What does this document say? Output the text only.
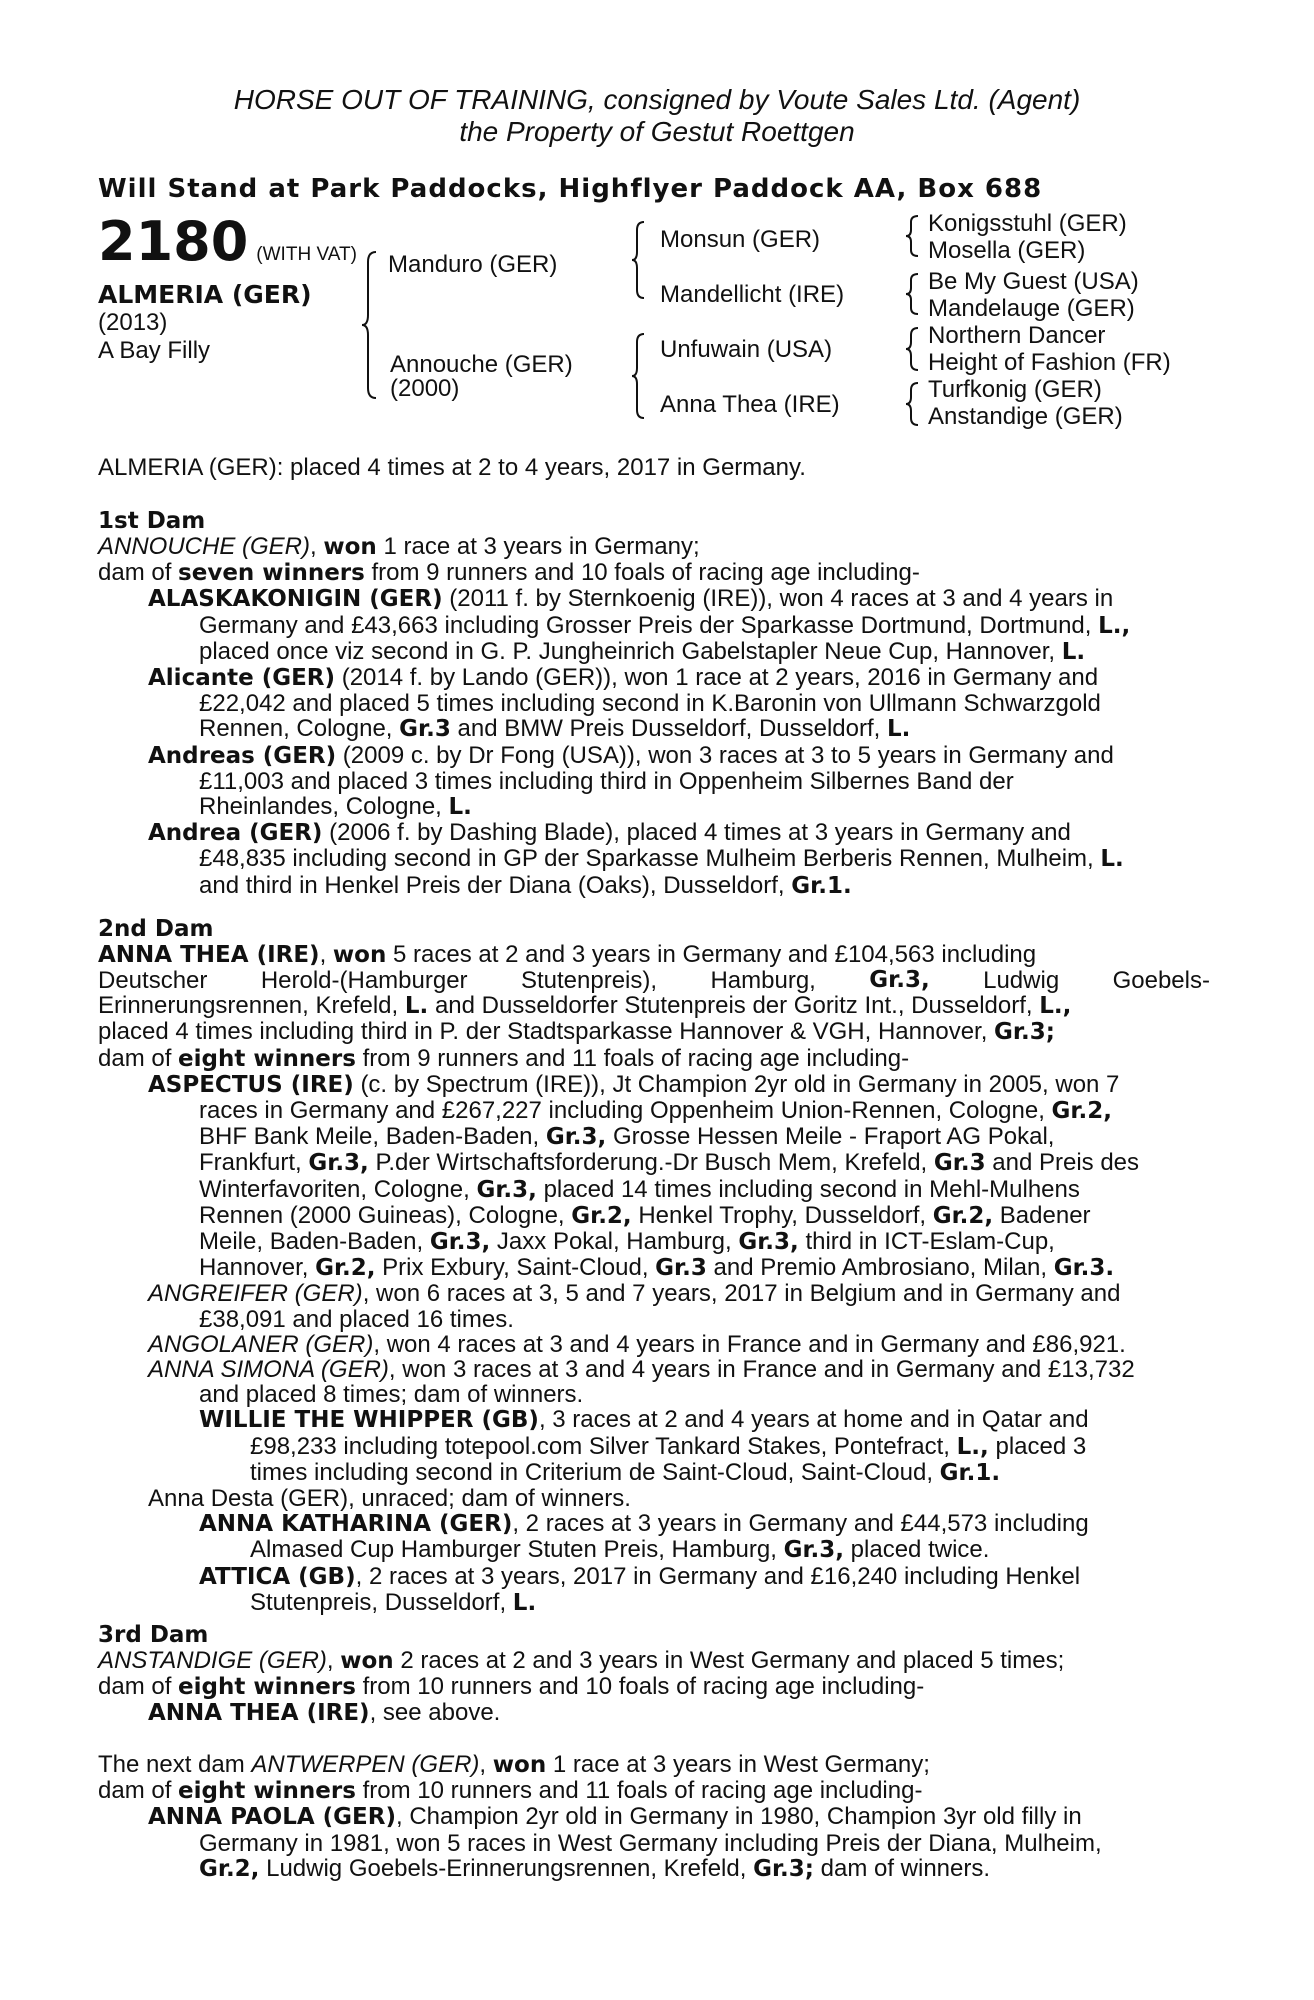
HORSE OUT OF TRAINING, consigned by Voute Sales Ltd. (Agent)
the Property of Gestut Roettgen
Will Stand at Park Paddocks, Highflyer Paddock AA, Box 688
2180 (WITH VAT)
ALMERIA (GER)
(2013)
A Bay Filly
Manduro (GER)
Annouche (GER)
(2000)
Monsun (GER)
Mandellicht (IRE)
Unfuwain (USA)
Anna Thea (IRE)
Konigsstuhl (GER)
Mosella (GER)
Be My Guest (USA)
Mandelauge (GER)
Northern Dancer
Height of Fashion (FR)
Turfkonig (GER)
Anstandige (GER)
ALMERIA (GER): placed 4 times at 2 to 4 years, 2017 in Germany.
1st Dam
ANNOUCHE (GER), won 1 race at 3 years in Germany;
dam of seven winners from 9 runners and 10 foals of racing age including-
ALASKAKONIGIN (GER) (2011 f. by Sternkoenig (IRE)), won 4 races at 3 and 4 years in
Germany and £43,663 including Grosser Preis der Sparkasse Dortmund, Dortmund, L.,
placed once viz second in G. P. Jungheinrich Gabelstapler Neue Cup, Hannover, L.
Alicante (GER) (2014 f. by Lando (GER)), won 1 race at 2 years, 2016 in Germany and
£22,042 and placed 5 times including second in K.Baronin von Ullmann Schwarzgold
Rennen, Cologne, Gr.3 and BMW Preis Dusseldorf, Dusseldorf, L.
Andreas (GER) (2009 c. by Dr Fong (USA)), won 3 races at 3 to 5 years in Germany and
£11,003 and placed 3 times including third in Oppenheim Silbernes Band der
Rheinlandes, Cologne, L.
Andrea (GER) (2006 f. by Dashing Blade), placed 4 times at 3 years in Germany and
£48,835 including second in GP der Sparkasse Mulheim Berberis Rennen, Mulheim, L.
and third in Henkel Preis der Diana (Oaks), Dusseldorf, Gr.1.
2nd Dam
ANNA THEA (IRE), won 5 races at 2 and 3 years in Germany and £104,563 including
Deutscher Herold-(Hamburger Stutenpreis), Hamburg, Gr.3, Ludwig Goebels-
Erinnerungsrennen, Krefeld, L. and Dusseldorfer Stutenpreis der Goritz Int., Dusseldorf, L.,
placed 4 times including third in P. der Stadtsparkasse Hannover & VGH, Hannover, Gr.3;
dam of eight winners from 9 runners and 11 foals of racing age including-
ASPECTUS (IRE) (c. by Spectrum (IRE)), Jt Champion 2yr old in Germany in 2005, won 7
races in Germany and £267,227 including Oppenheim Union-Rennen, Cologne, Gr.2,
BHF Bank Meile, Baden-Baden, Gr.3, Grosse Hessen Meile - Fraport AG Pokal,
Frankfurt, Gr.3, P.der Wirtschaftsforderung.-Dr Busch Mem, Krefeld, Gr.3 and Preis des
Winterfavoriten, Cologne, Gr.3, placed 14 times including second in Mehl-Mulhens
Rennen (2000 Guineas), Cologne, Gr.2, Henkel Trophy, Dusseldorf, Gr.2, Badener
Meile, Baden-Baden, Gr.3, Jaxx Pokal, Hamburg, Gr.3, third in ICT-Eslam-Cup,
Hannover, Gr.2, Prix Exbury, Saint-Cloud, Gr.3 and Premio Ambrosiano, Milan, Gr.3.
ANGREIFER (GER), won 6 races at 3, 5 and 7 years, 2017 in Belgium and in Germany and
£38,091 and placed 16 times.
ANGOLANER (GER), won 4 races at 3 and 4 years in France and in Germany and £86,921.
ANNA SIMONA (GER), won 3 races at 3 and 4 years in France and in Germany and £13,732
and placed 8 times; dam of winners.
WILLIE THE WHIPPER (GB), 3 races at 2 and 4 years at home and in Qatar and
£98,233 including totepool.com Silver Tankard Stakes, Pontefract, L., placed 3
times including second in Criterium de Saint-Cloud, Saint-Cloud, Gr.1.
Anna Desta (GER), unraced; dam of winners.
ANNA KATHARINA (GER), 2 races at 3 years in Germany and £44,573 including
Almased Cup Hamburger Stuten Preis, Hamburg, Gr.3, placed twice.
ATTICA (GB), 2 races at 3 years, 2017 in Germany and £16,240 including Henkel
Stutenpreis, Dusseldorf, L.
3rd Dam
ANSTANDIGE (GER), won 2 races at 2 and 3 years in West Germany and placed 5 times;
dam of eight winners from 10 runners and 10 foals of racing age including-
ANNA THEA (IRE), see above.
The next dam ANTWERPEN (GER), won 1 race at 3 years in West Germany;
dam of eight winners from 10 runners and 11 foals of racing age including-
ANNA PAOLA (GER), Champion 2yr old in Germany in 1980, Champion 3yr old filly in
Germany in 1981, won 5 races in West Germany including Preis der Diana, Mulheim,
Gr.2, Ludwig Goebels-Erinnerungsrennen, Krefeld, Gr.3; dam of winners.
